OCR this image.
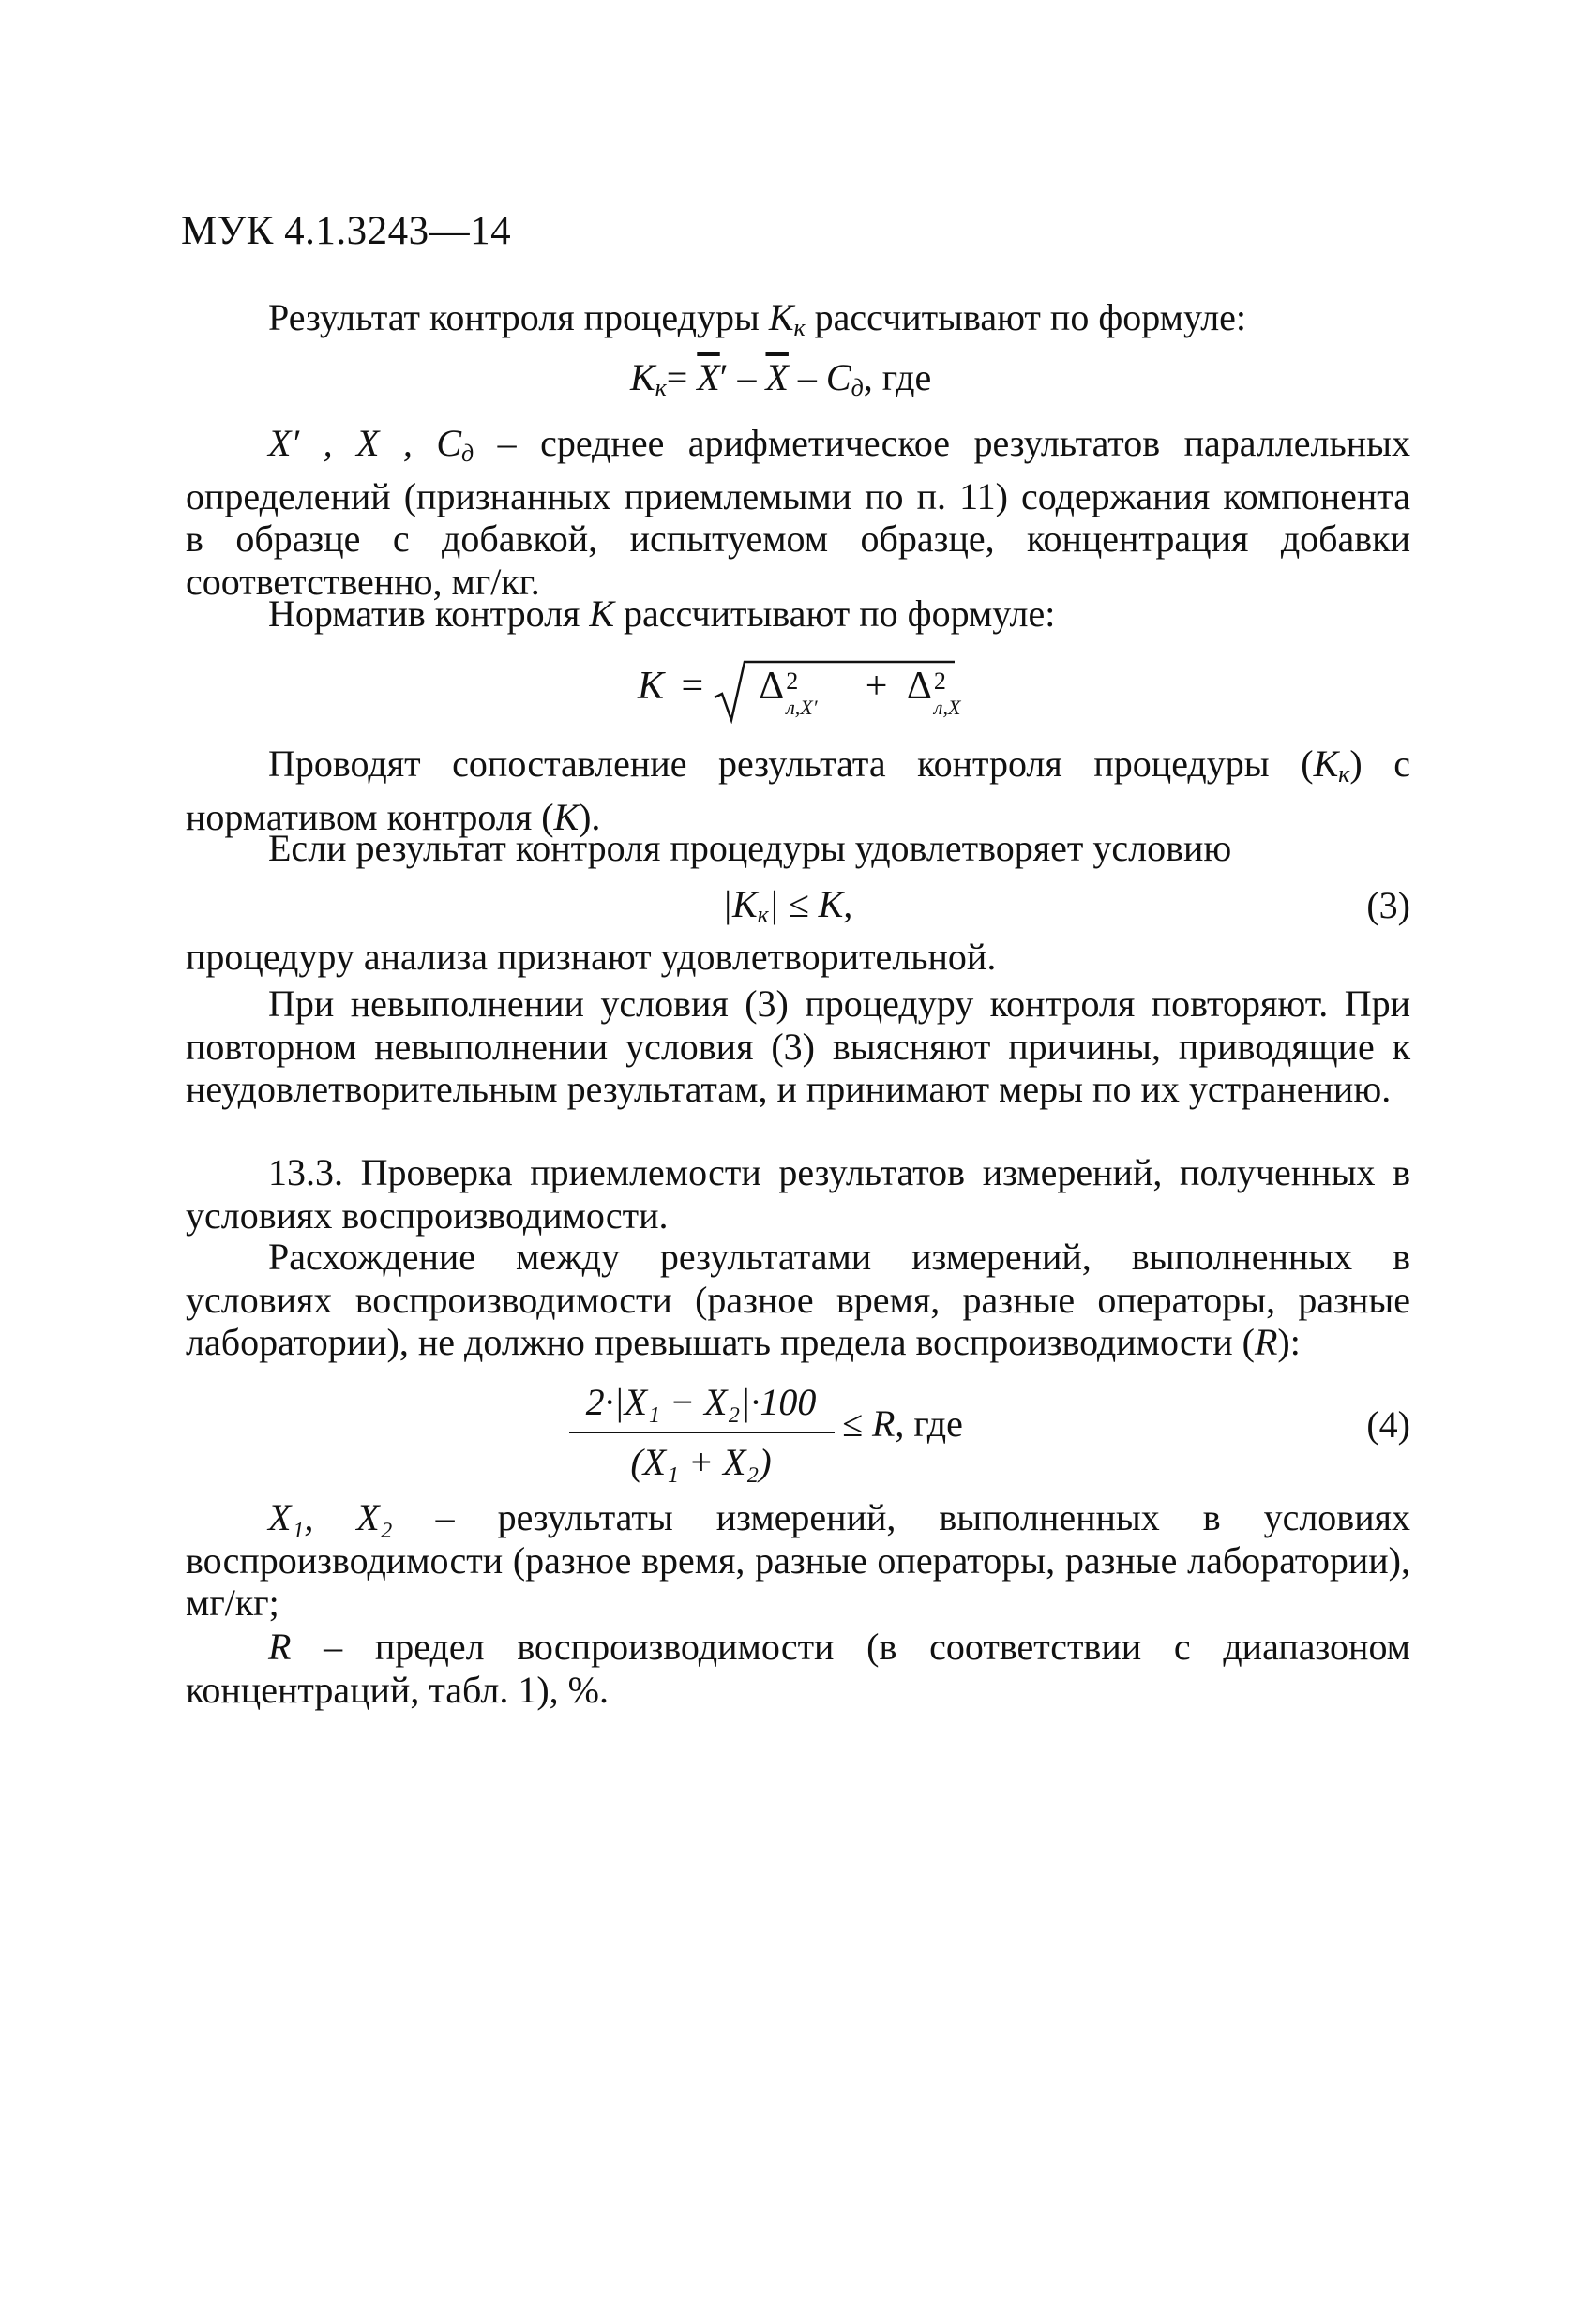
МУК 4.1.3243—14
Результат контроля процедуры $К_к$ рассчитывают по формуле:
$К_к= \overline{X}' - \overline{X} - С_д$, где
X′ , X , $С_д$ – среднее арифметическое результатов параллельных определений (признанных приемлемыми по п. 11) содержания компонента в образце с добавкой, испытуемом образце, концентрация добавки соответственно, мг/кг.
Норматив контроля К рассчитывают по формуле:
K = Δ 2
л,X′ + Δ 2
л,X
Проводят сопоставление результата контроля процедуры $(К_к)$ с нормативом контроля (К).
Если результат контроля процедуры удовлетворяет условию
$|К_к| \le К$,	(3)
процедуру анализа признают удовлетворительной.
При невыполнении условия (3) процедуру контроля повторяют. При повторном невыполнении условия (3) выясняют причины, приводящие к неудовлетворительным результатам, и принимают меры по их устранению.
13.3. Проверка приемлемости результатов измерений, полученных в условиях воспроизводимости.
Расхождение между результатами измерений, выполненных в условиях воспроизводимости (разное время, разные операторы, разные лаборатории), не должно превышать предела воспроизводимости (R):
2·|X₁ − X₂|·100
(X₁ + X₂)
≤ R, где	(4)
X₁, X₂ – результаты измерений, выполненных в условиях воспроизводимости (разное время, разные операторы, разные лаборатории), мг/кг;
R – предел воспроизводимости (в соответствии с диапазоном концентраций, табл. 1), %.
